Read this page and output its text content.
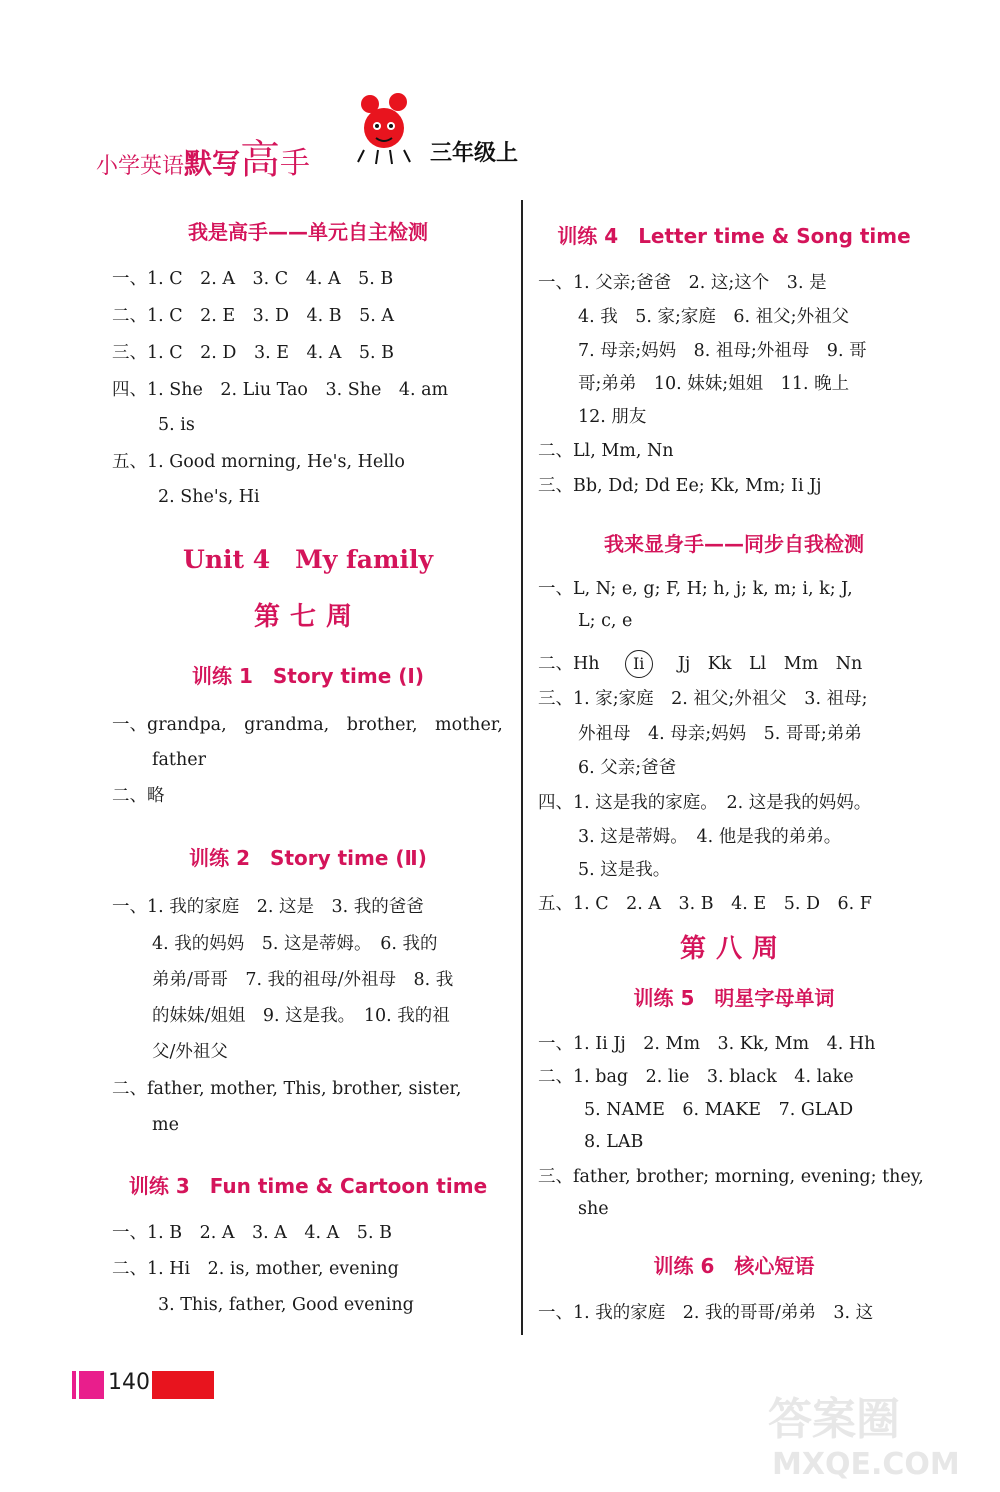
小学英语默写高手	三年级上
我是高手——单元自主检测
一、1. C　2. A　3. C　4. A　5. B
二、1. C　2. E　3. D　4. B　5. A
三、1. C　2. D　3. E　4. A　5. B
四、1. She　2. Liu Tao　3. She　4. am
5. is
五、1. Good morning, He's, Hello
2. She's, Hi
Unit 4　My family
第七周
训练 1　Story time (Ⅰ)
一、grandpa,　grandma,　brother,　mother,
father
二、略
训练 2　Story time (Ⅱ)
一、1. 我的家庭　2. 这是　3. 我的爸爸
4. 我的妈妈　5. 这是蒂姆。　6. 我的
弟弟/哥哥　7. 我的祖母/外祖母　8. 我
的妹妹/姐姐　9. 这是我。　10. 我的祖
父/外祖父
二、father, mother, This, brother, sister,
me
训练 3　Fun time & Cartoon time
一、1. B　2. A　3. A　4. A　5. B
二、1. Hi　2. is, mother, evening
3. This, father, Good evening
训练 4　Letter time & Song time
一、1. 父亲;爸爸　2. 这;这个　3. 是
4. 我　5. 家;家庭　6. 祖父;外祖父
7. 母亲;妈妈　8. 祖母;外祖母　9. 哥
哥;弟弟　10. 妹妹;姐姐　11. 晚上
12. 朋友
二、Ll, Mm, Nn
三、Bb, Dd; Dd Ee; Kk, Mm; Ii Jj
我来显身手——同步自我检测
一、L, N; e, g; F, H; h, j; k, m; i, k; J,
L; c, e
二、Hh Ii Jj　Kk　Ll　Mm　Nn
三、1. 家;家庭　2. 祖父;外祖父　3. 祖母;
外祖母　4. 母亲;妈妈　5. 哥哥;弟弟
6. 父亲;爸爸
四、1. 这是我的家庭。　2. 这是我的妈妈。
3. 这是蒂姆。　4. 他是我的弟弟。
5. 这是我。
五、1. C　2. A　3. B　4. E　5. D　6. F
第八周
训练 5　明星字母单词
一、1. Ii Jj　2. Mm　3. Kk, Mm　4. Hh
二、1. bag　2. lie　3. black　4. lake
5. NAME　6. MAKE　7. GLAD
8. LAB
三、father, brother; morning, evening; they,
she
训练 6　核心短语
一、1. 我的家庭　2. 我的哥哥/弟弟　3. 这
140
答案圈
MXQE.COM
